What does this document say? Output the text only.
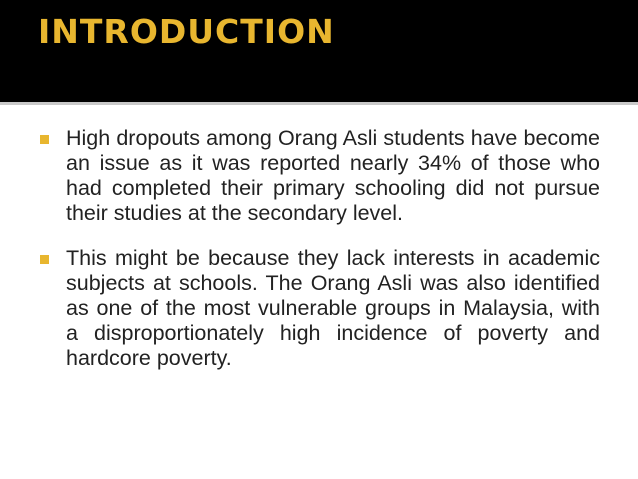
INTRODUCTION

High dropouts among Orang Asli students have become an issue as it was reported nearly 34% of those who had completed their primary schooling did not pursue their studies at the secondary level.

This might be because they lack interests in academic subjects at schools. The Orang Asli was also identified as one of the most vulnerable groups in Malaysia, with a disproportionately high incidence of poverty and hardcore poverty.
